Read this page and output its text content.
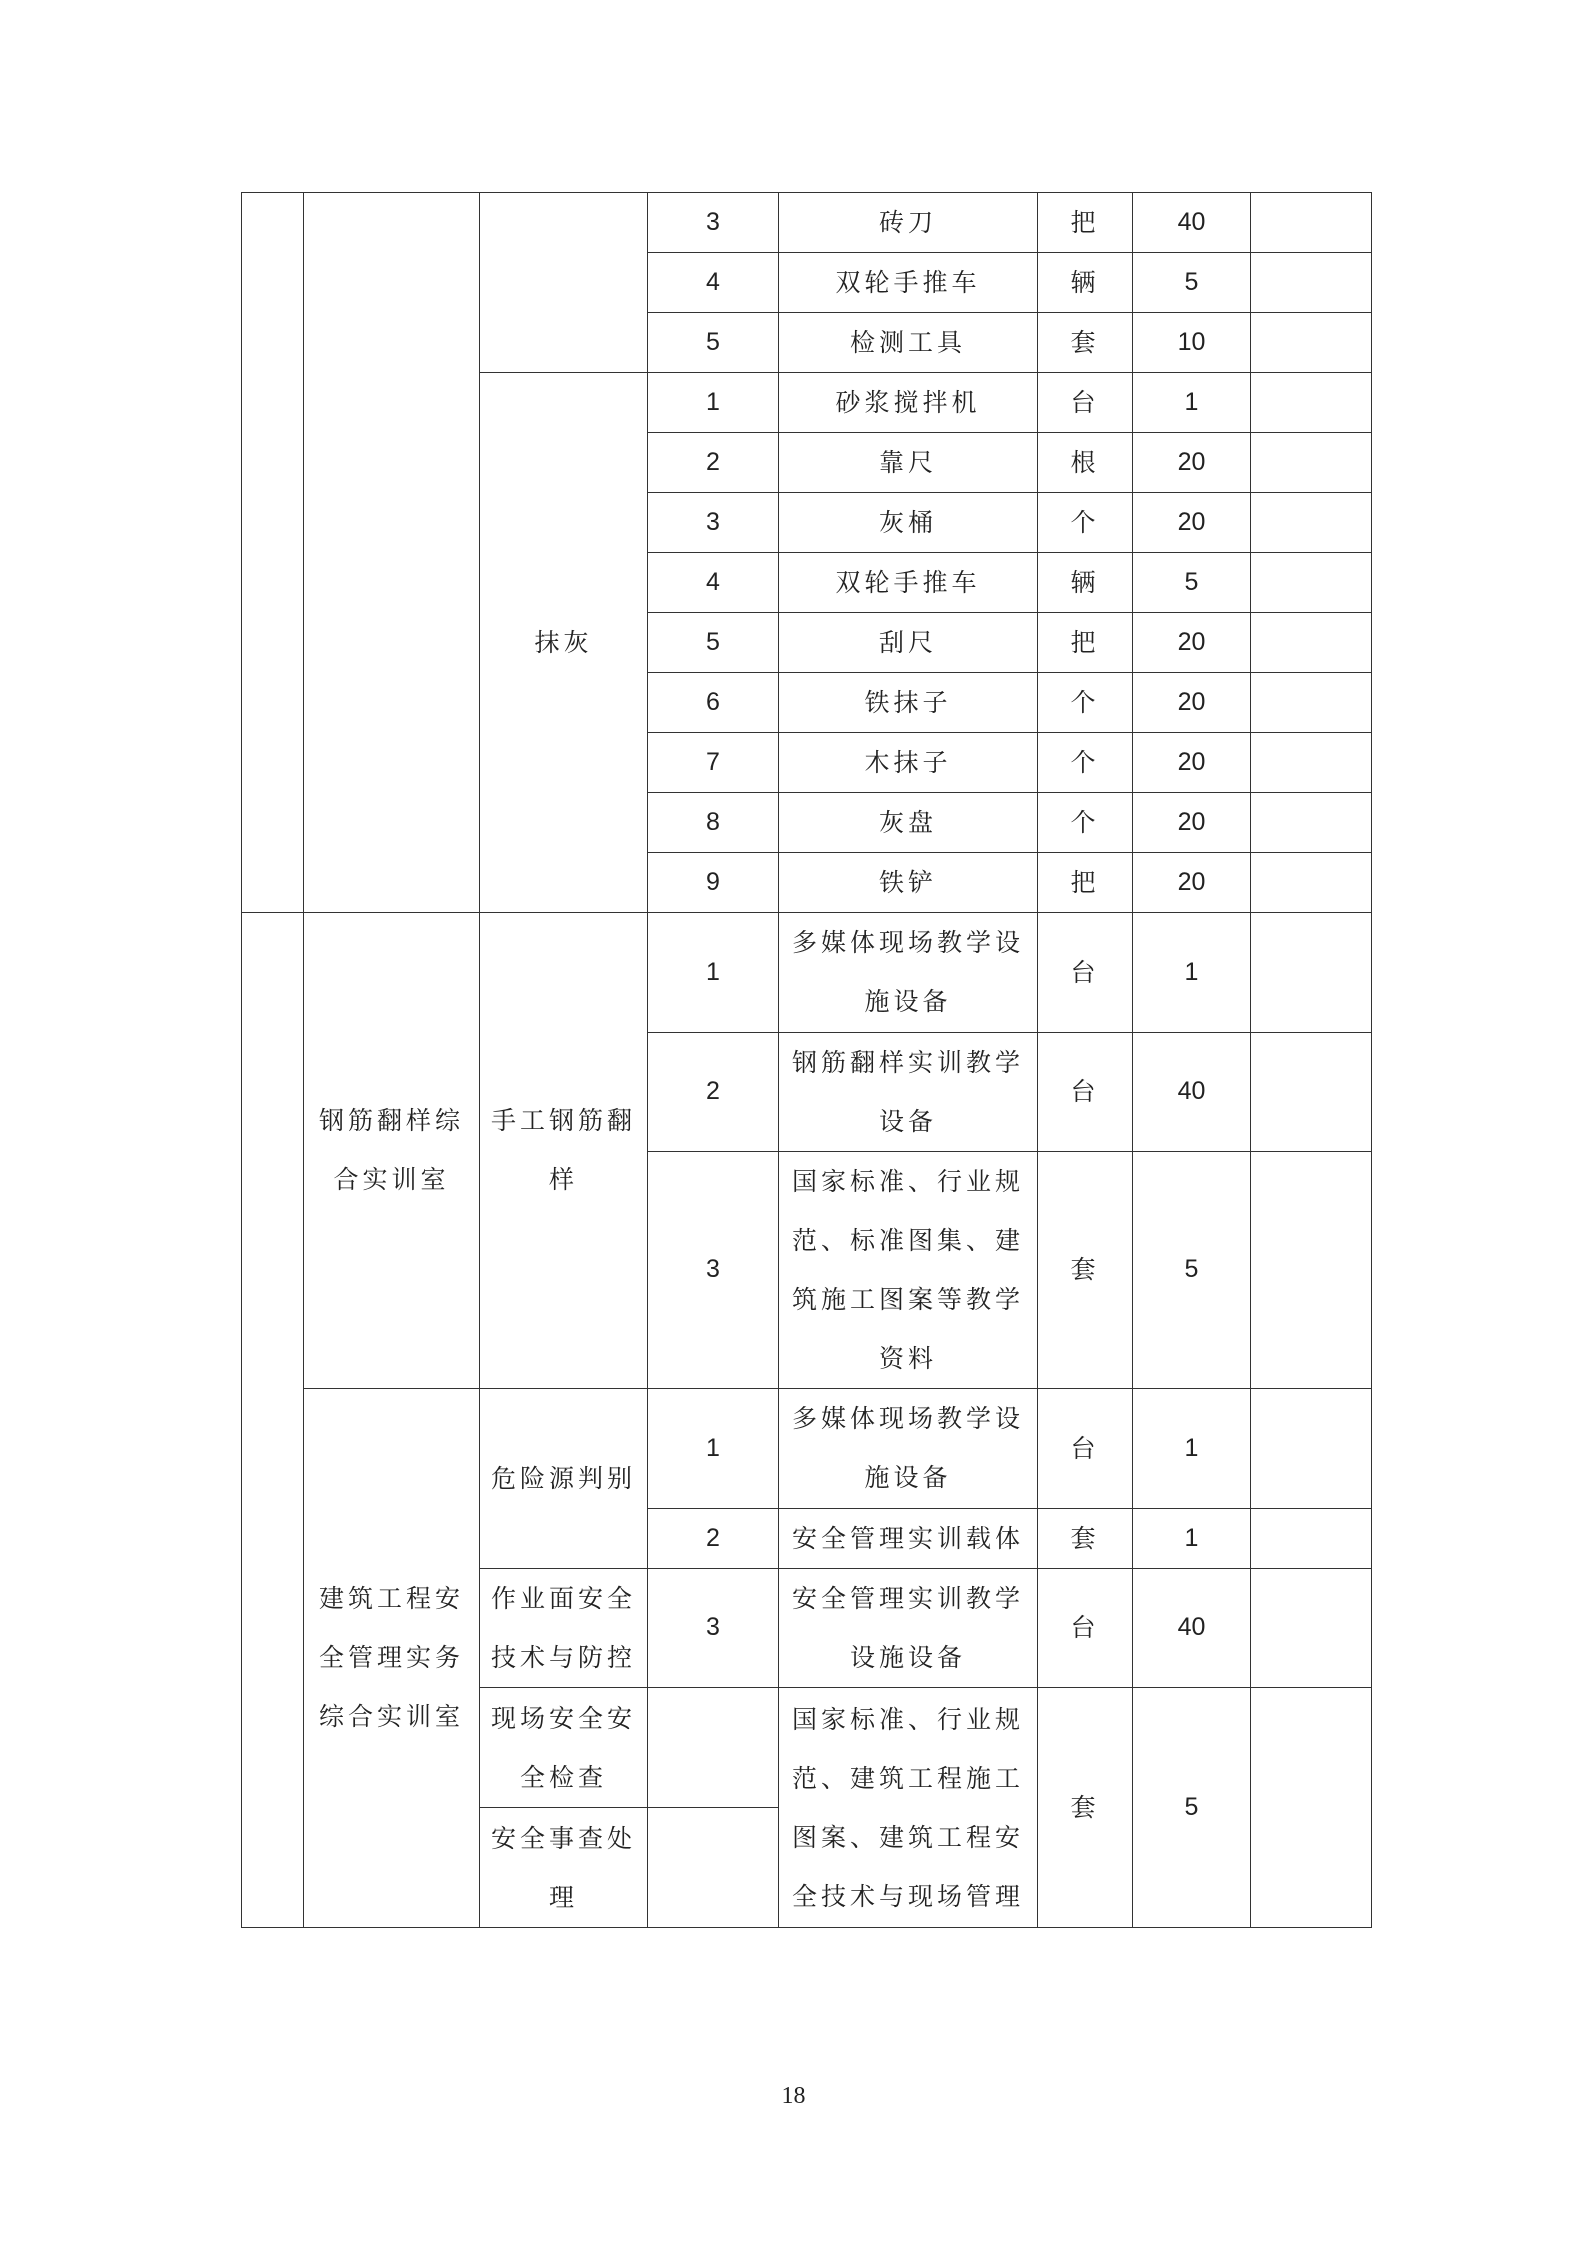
			3	砖刀	把	40	
			4	双轮手推车	辆	5	
			5	检测工具	套	10	
		抹灰	1	砂浆搅拌机	台	1	
			2	靠尺	根	20	
			3	灰桶	个	20	
			4	双轮手推车	辆	5	
			5	刮尺	把	20	
			6	铁抹子	个	20	
			7	木抹子	个	20	
			8	灰盘	个	20	
			9	铁铲	把	20	
	钢筋翻样综合实训室	手工钢筋翻样	1	多媒体现场教学设施设备	台	1	

			2	钢筋翻样实训教学设备	台	40	
			3	国家标准、行业规范、标准图集、建筑施工图案等教学资料	套	5	

	建筑工程安全管理实务综合实训室	危险源判别	1	多媒体现场教学设施设备	台	1	

			2	安全管理实训载体	套	1	
		作业面安全技术与防控	3	安全管理实训教学设施设备	台	40	

		现场安全安全检查		国家标准、行业规范、建筑工程施工图案、建筑工程安全技术与现场管理	套	5	

		安全事查处理					

18
